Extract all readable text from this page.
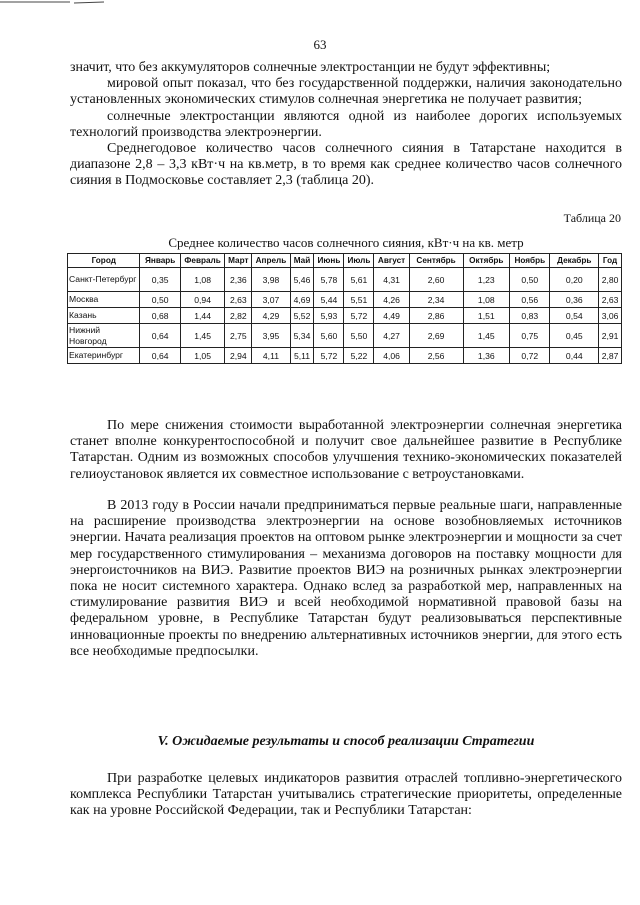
63

значит, что без аккумуляторов солнечные электростанции не будут эффективны;

мировой опыт показал, что без государственной поддержки, наличия законодательно установленных экономических стимулов солнечная энергетика не получает развития;

солнечные электростанции являются одной из наиболее дорогих используемых технологий производства электроэнергии.

Среднегодовое количество часов солнечного сияния в Татарстане находится в диапазоне 2,8 – 3,3 кВт·ч на кв.метр, в то время как среднее количество часов солнечного сияния в Подмосковье составляет 2,3 (таблица 20).

Таблица 20
Среднее количество часов солнечного сияния, кВт·ч на кв. метр
Город	Январь	Февраль	Март	Апрель	Май	Июнь	Июль	Август	Сентябрь	Октябрь	Ноябрь	Декабрь	Год
Санкт-Петербург	0,35	1,08	2,36	3,98	5,46	5,78	5,61	4,31	2,60	1,23	0,50	0,20	2,80
Москва	0,50	0,94	2,63	3,07	4,69	5,44	5,51	4,26	2,34	1,08	0,56	0,36	2,63
Казань	0,68	1,44	2,82	4,29	5,52	5,93	5,72	4,49	2,86	1,51	0,83	0,54	3,06
Нижний Новгород	0,64	1,45	2,75	3,95	5,34	5,60	5,50	4,27	2,69	1,45	0,75	0,45	2,91
Екатеринбург	0,64	1,05	2,94	4,11	5,11	5,72	5,22	4,06	2,56	1,36	0,72	0,44	2,87

По мере снижения стоимости выработанной электроэнергии солнечная энергетика станет вполне конкурентоспособной и получит свое дальнейшее развитие в Республике Татарстан. Одним из возможных способов улучшения технико-экономических показателей гелиоустановок является их совместное использование с ветроустановками.

В 2013 году в России начали предприниматься первые реальные шаги, направленные на расширение производства электроэнергии на основе возобновляемых источников энергии. Начата реализация проектов на оптовом рынке электроэнергии и мощности за счет мер государственного стимулирования – механизма договоров на поставку мощности для энергоисточников на ВИЭ. Развитие проектов ВИЭ на розничных рынках электроэнергии пока не носит системного характера. Однако вслед за разработкой мер, направленных на стимулирование развития ВИЭ и всей необходимой нормативной правовой базы на федеральном уровне, в Республике Татарстан будут реализовываться перспективные инновационные проекты по внедрению альтернативных источников энергии, для этого есть все необходимые предпосылки.

V. Ожидаемые результаты и способ реализации Стратегии

При разработке целевых индикаторов развития отраслей топливно-энергетического комплекса Республики Татарстан учитывались стратегические приоритеты, определенные как на уровне Российской Федерации, так и Республики Татарстан:
